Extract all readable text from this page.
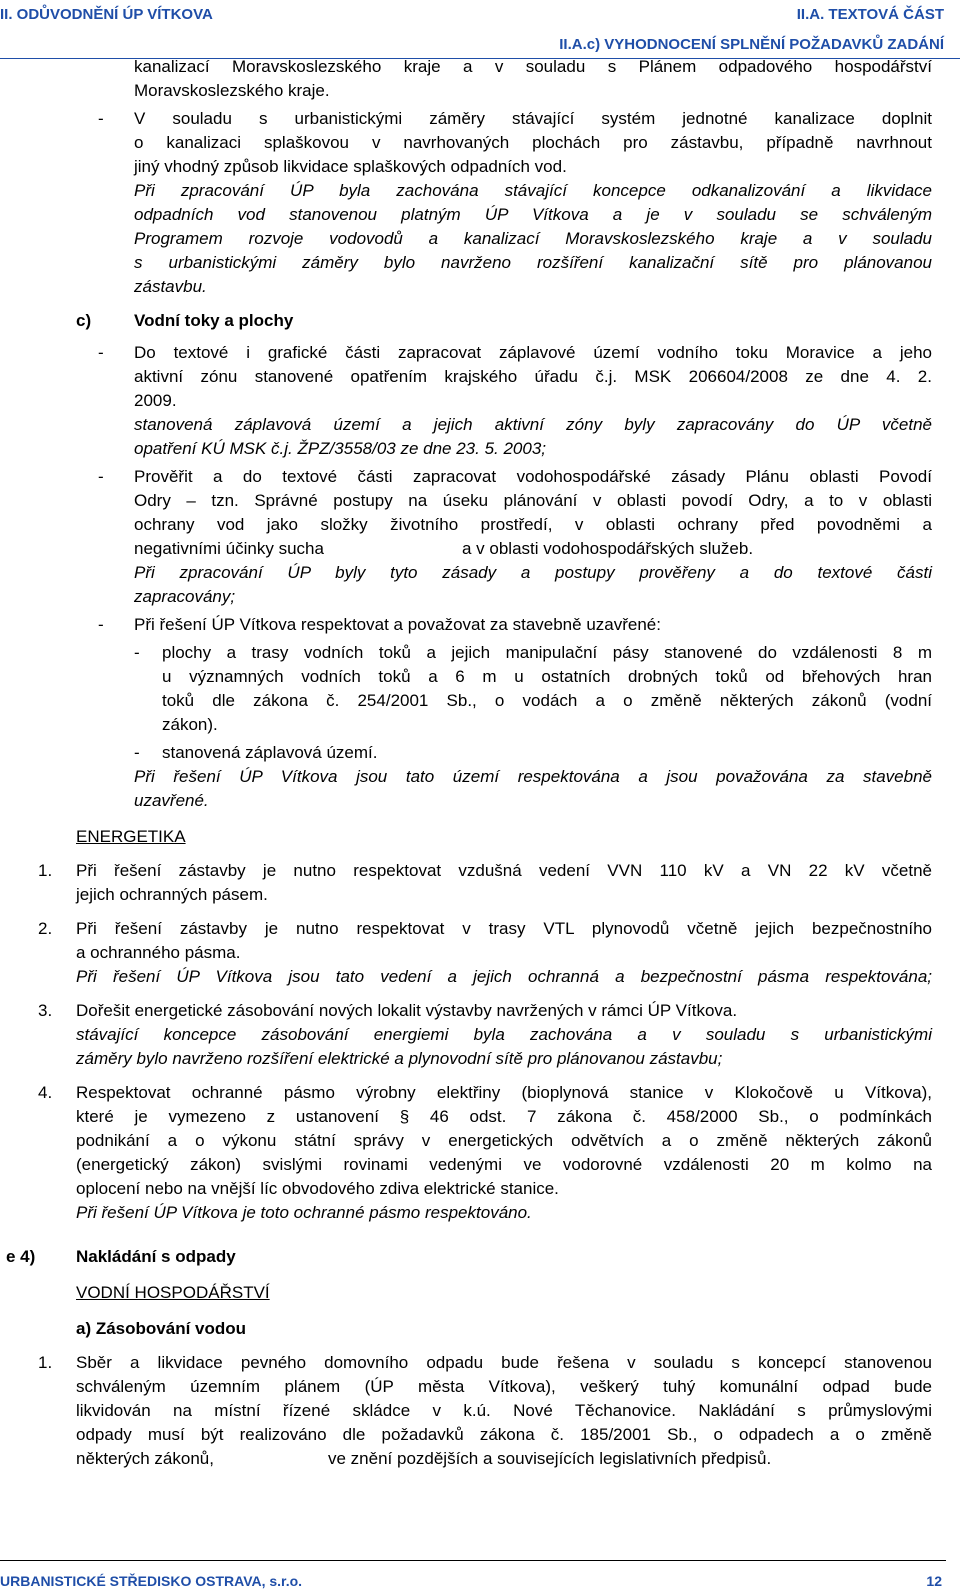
II. ODŮVODNĚNÍ ÚP VÍTKOVA	II.A. TEXTOVÁ ČÁST
II.A.c) VYHODNOCENÍ SPLNĚNÍ POŽADAVKŮ ZADÁNÍ
kanalizací Moravskoslezského kraje a v souladu s Plánem odpadového hospodářství
Moravskoslezského kraje.
- V souladu s urbanistickými záměry stávající systém jednotné kanalizace doplnit
o kanalizaci splaškovou v navrhovaných plochách pro zástavbu, případně navrhnout
jiný vhodný způsob likvidace splaškových odpadních vod.
Při zpracování ÚP byla zachována stávající koncepce odkanalizování a likvidace
odpadních vod stanovenou platným ÚP Vítkova a je v souladu se schváleným
Programem rozvoje vodovodů a kanalizací Moravskoslezského kraje a v souladu
s urbanistickými záměry bylo navrženo rozšíření kanalizační sítě pro plánovanou
zástavbu.
c)	Vodní toky a plochy
- Do textové i grafické části zapracovat záplavové území vodního toku Moravice a jeho
aktivní zónu stanovené opatřením krajského úřadu č.j. MSK 206604/2008 ze dne 4. 2.
2009.
stanovená záplavová území a jejich aktivní zóny byly zapracovány do ÚP včetně
opatření KÚ MSK č.j. ŽPZ/3558/03 ze dne 23. 5. 2003;
- Prověřit a do textové části zapracovat vodohospodářské zásady Plánu oblasti Povodí
Odry – tzn. Správné postupy na úseku plánování v oblasti povodí Odry, a to v oblasti
ochrany vod jako složky životního prostředí, v oblasti ochrany před povodněmi a
negativními účinky sucha	a v oblasti vodohospodářských služeb.
Při zpracování ÚP byly tyto zásady a postupy prověřeny a do textové části
zapracovány;
- Při řešení ÚP Vítkova respektovat a považovat za stavebně uzavřené:
- plochy a trasy vodních toků a jejich manipulační pásy stanovené do vzdálenosti 8 m
u významných vodních toků a 6 m u ostatních drobných toků od břehových hran
toků dle zákona č. 254/2001 Sb., o vodách a o změně některých zákonů (vodní
zákon).
- stanovená záplavová území.
Při řešení ÚP Vítkova jsou tato území respektována a jsou považována za stavebně
uzavřené.
ENERGETIKA
1. Při řešení zástavby je nutno respektovat vzdušná vedení VVN 110 kV a VN 22 kV včetně
jejich ochranných pásem.
2. Při řešení zástavby je nutno respektovat v trasy VTL plynovodů včetně jejich bezpečnostního
a ochranného pásma.
Při řešení ÚP Vítkova jsou tato vedení a jejich ochranná a bezpečnostní pásma respektována;
3. Dořešit energetické zásobování nových lokalit výstavby navržených v rámci ÚP Vítkova.
stávající koncepce zásobování energiemi byla zachována a v souladu s urbanistickými
záměry bylo navrženo rozšíření elektrické a plynovodní sítě pro plánovanou zástavbu;
4. Respektovat ochranné pásmo výrobny elektřiny (bioplynová stanice v Klokočově u Vítkova),
které je vymezeno z ustanovení § 46 odst. 7 zákona č. 458/2000 Sb., o podmínkách
podnikání a o výkonu státní správy v energetických odvětvích a o změně některých zákonů
(energetický zákon) svislými rovinami vedenými ve vodorovné vzdálenosti 20 m kolmo na
oplocení nebo na vnější líc obvodového zdiva elektrické stanice.
Při řešení ÚP Vítkova je toto ochranné pásmo respektováno.
e 4) Nakládání s odpady
VODNÍ HOSPODÁŘSTVÍ
a) Zásobování vodou
1. Sběr a likvidace pevného domovního odpadu bude řešena v souladu s koncepcí stanovenou
schváleným územním plánem (ÚP města Vítkova), veškerý tuhý komunální odpad bude
likvidován na místní řízené skládce v k.ú. Nové Těchanovice. Nakládání s průmyslovými
odpady musí být realizováno dle požadavků zákona č. 185/2001 Sb., o odpadech a o změně
některých zákonů,	ve znění pozdějších a souvisejících legislativních předpisů.
URBANISTICKÉ STŘEDISKO OSTRAVA, s.r.o.	12
